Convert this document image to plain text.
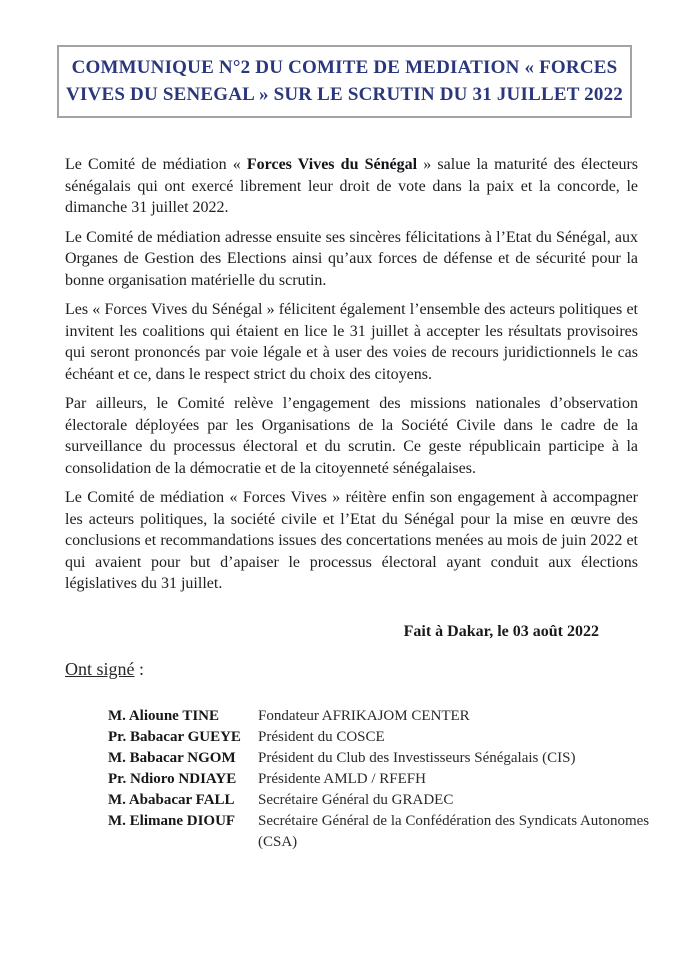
COMMUNIQUE N°2 DU COMITE DE MEDIATION « FORCES
VIVES DU SENEGAL » SUR LE SCRUTIN DU 31 JUILLET 2022

Le Comité de médiation « Forces Vives du Sénégal » salue la maturité des électeurs sénégalais qui ont exercé librement leur droit de vote dans la paix et la concorde, le dimanche 31 juillet 2022.

Le Comité de médiation adresse ensuite ses sincères félicitations à l’Etat du Sénégal, aux Organes de Gestion des Elections ainsi qu’aux forces de défense et de sécurité pour la bonne organisation matérielle du scrutin.

Les « Forces Vives du Sénégal » félicitent également l’ensemble des acteurs politiques et invitent les coalitions qui étaient en lice le 31 juillet à accepter les résultats provisoires qui seront prononcés par voie légale et à user des voies de recours juridictionnels le cas échéant et ce, dans le respect strict du choix des citoyens.

Par ailleurs, le Comité relève l’engagement des missions nationales d’observation électorale déployées par les Organisations de la Société Civile dans le cadre de la surveillance du processus électoral et du scrutin. Ce geste républicain participe à la consolidation de la démocratie et de la citoyenneté sénégalaises.

Le Comité de médiation « Forces Vives » réitère enfin son engagement à accompagner les acteurs politiques, la société civile et l’Etat du Sénégal pour la mise en œuvre des conclusions et recommandations issues des concertations menées au mois de juin 2022 et qui avaient pour but d’apaiser le processus électoral ayant conduit aux élections législatives du 31 juillet.

Fait à Dakar, le 03 août 2022
Ont signé :
M. Alioune TINE	Fondateur AFRIKAJOM CENTER
Pr. Babacar GUEYE	Président du COSCE
M. Babacar NGOM	Président du Club des Investisseurs Sénégalais (CIS)
Pr. Ndioro NDIAYE	Présidente AMLD / RFEFH
M. Ababacar FALL	Secrétaire Général du GRADEC
M. Elimane DIOUF	Secrétaire Général de la Confédération des Syndicats Autonomes (CSA)
